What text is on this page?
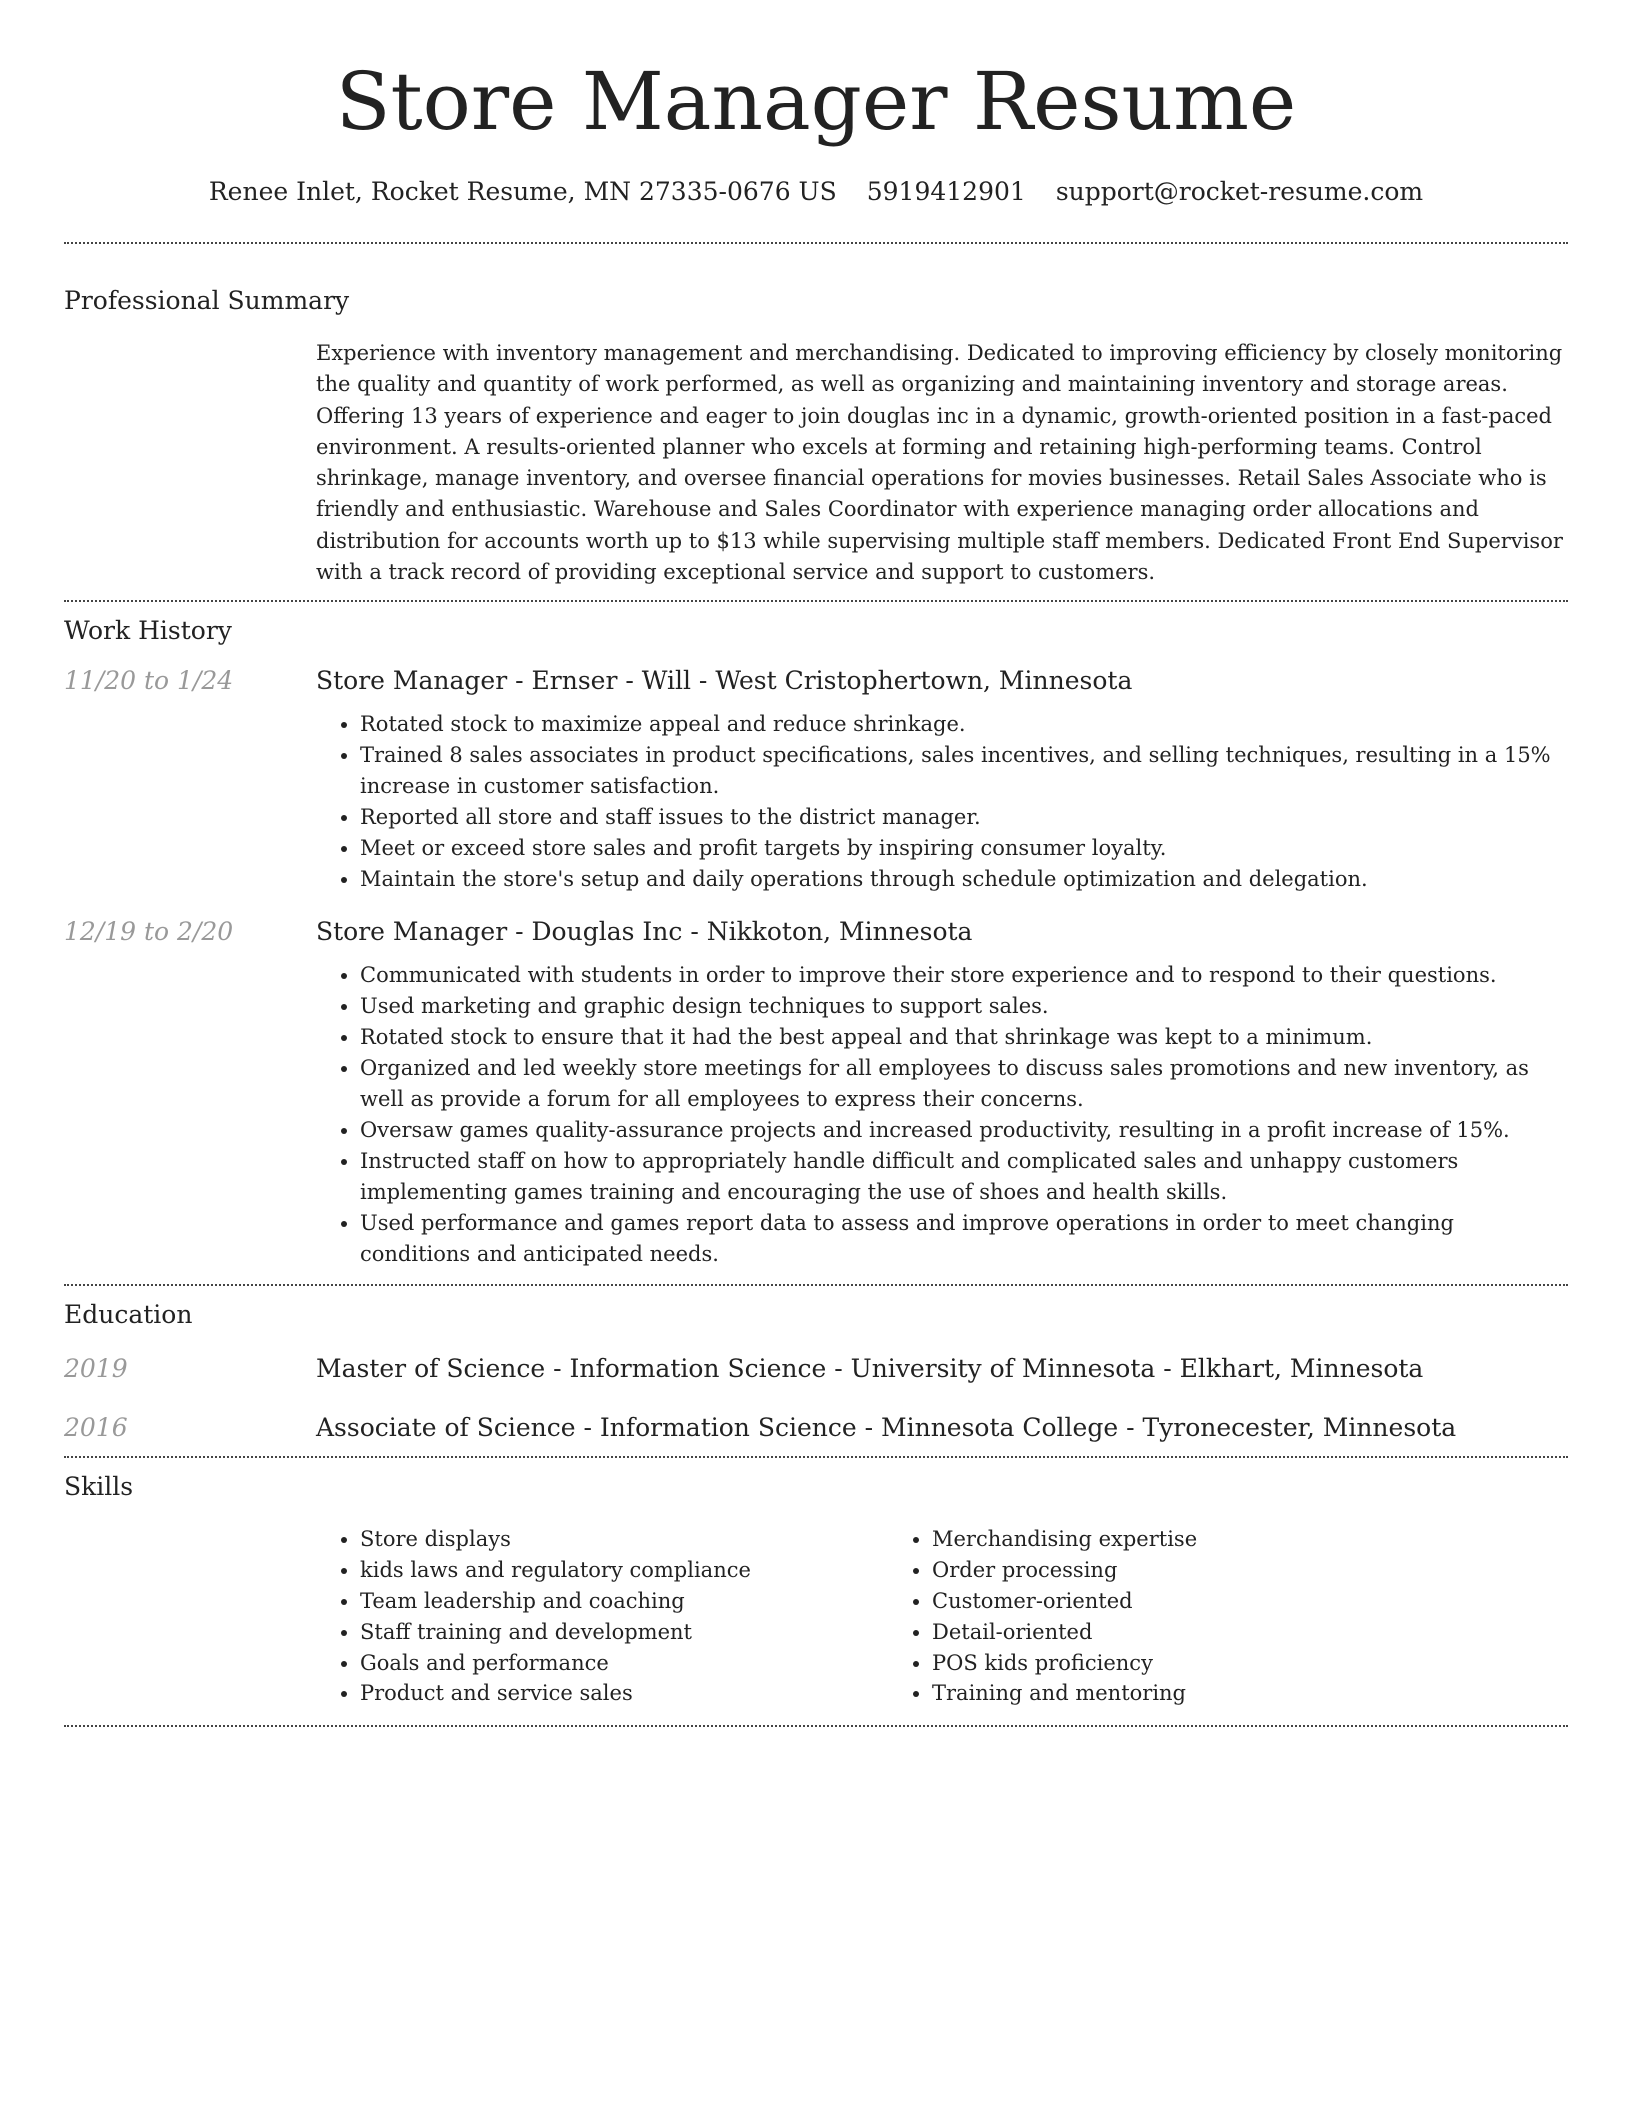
Store Manager Resume
Renee Inlet, Rocket Resume, MN 27335-0676 US 5919412901 support@rocket-resume.com
Professional Summary

Experience with inventory management and merchandising. Dedicated to improving efficiency by closely monitoring the quality and quantity of work performed, as well as organizing and maintaining inventory and storage areas. Offering 13 years of experience and eager to join douglas inc in a dynamic, growth-oriented position in a fast-paced environment. A results-oriented planner who excels at forming and retaining high-performing teams. Control shrinkage, manage inventory, and oversee financial operations for movies businesses. Retail Sales Associate who is friendly and enthusiastic. Warehouse and Sales Coordinator with experience managing order allocations and distribution for accounts worth up to $13 while supervising multiple staff members. Dedicated Front End Supervisor with a track record of providing exceptional service and support to customers.

Work History
11/20 to 1/24	Store Manager - Ernser - Will - West Cristophertown, Minnesota
• Rotated stock to maximize appeal and reduce shrinkage.
• Trained 8 sales associates in product specifications, sales incentives, and selling techniques, resulting in a 15% increase in customer satisfaction.
• Reported all store and staff issues to the district manager.
• Meet or exceed store sales and profit targets by inspiring consumer loyalty.
• Maintain the store's setup and daily operations through schedule optimization and delegation.
12/19 to 2/20	Store Manager - Douglas Inc - Nikkoton, Minnesota
• Communicated with students in order to improve their store experience and to respond to their questions.
• Used marketing and graphic design techniques to support sales.
• Rotated stock to ensure that it had the best appeal and that shrinkage was kept to a minimum.
• Organized and led weekly store meetings for all employees to discuss sales promotions and new inventory, as well as provide a forum for all employees to express their concerns.
• Oversaw games quality-assurance projects and increased productivity, resulting in a profit increase of 15%.
• Instructed staff on how to appropriately handle difficult and complicated sales and unhappy customers implementing games training and encouraging the use of shoes and health skills.
• Used performance and games report data to assess and improve operations in order to meet changing conditions and anticipated needs.
Education
2019	Master of Science - Information Science - University of Minnesota - Elkhart, Minnesota
2016	Associate of Science - Information Science - Minnesota College - Tyronecester, Minnesota
Skills
• Store displays
• kids laws and regulatory compliance
• Team leadership and coaching
• Staff training and development
• Goals and performance
• Product and service sales
• Merchandising expertise
• Order processing
• Customer-oriented
• Detail-oriented
• POS kids proficiency
• Training and mentoring
